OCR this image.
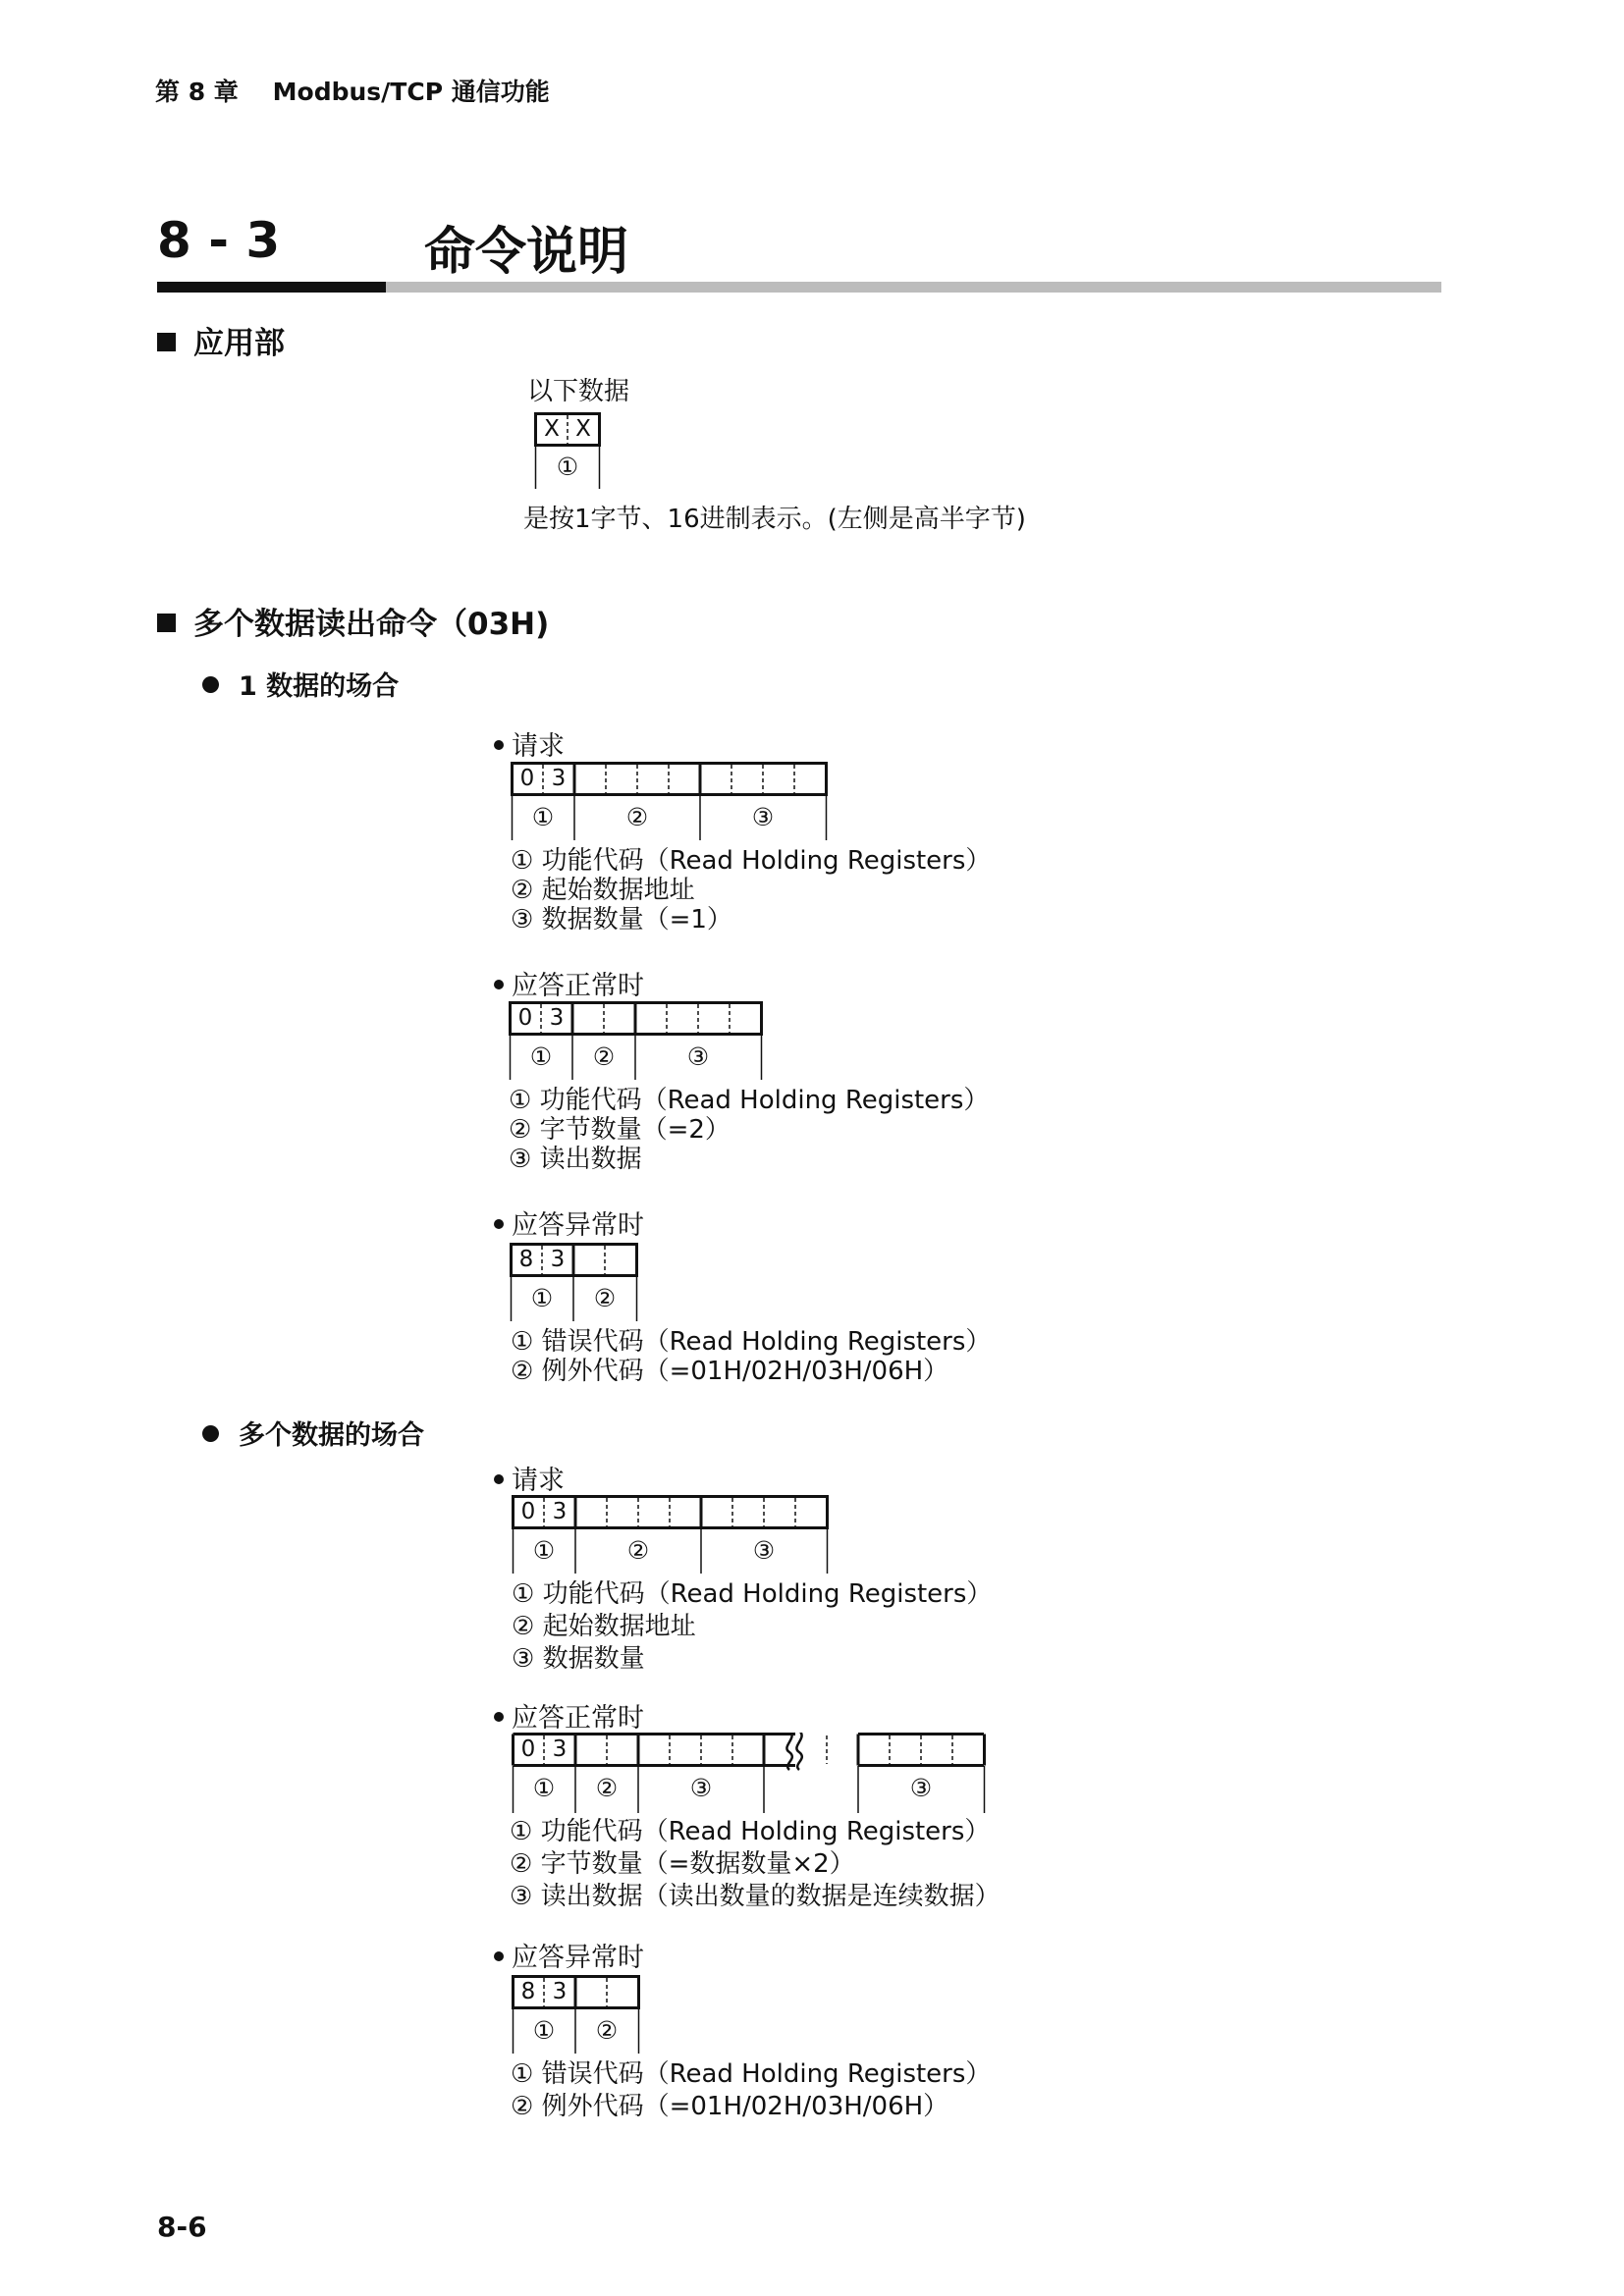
第 8 章 Modbus/TCP 通信功能
8 - 3	命令说明
应用部
以下数据
X X
①
是按1字节、16进制表示。(左侧是高半字节)
多个数据读出命令（03H)
1 数据的场合
请求
0 3
①	②	③
① 功能代码（Read Holding Registers）
② 起始数据地址
③ 数据数量（=1）
应答正常时
0 3
①	②	③
① 功能代码（Read Holding Registers）
② 字节数量（=2）
③ 读出数据
应答异常时
8 3
①	②
① 错误代码（Read Holding Registers）
② 例外代码（=01H/02H/03H/06H）
多个数据的场合
请求
0 3
①	②	③
① 功能代码（Read Holding Registers）
② 起始数据地址
③ 数据数量
应答正常时
0 3
①	②	③	③
① 功能代码（Read Holding Registers）
② 字节数量（=数据数量×2）
③ 读出数据（读出数量的数据是连续数据）
应答异常时
8 3
①	②
① 错误代码（Read Holding Registers）
② 例外代码（=01H/02H/03H/06H）
8-6
